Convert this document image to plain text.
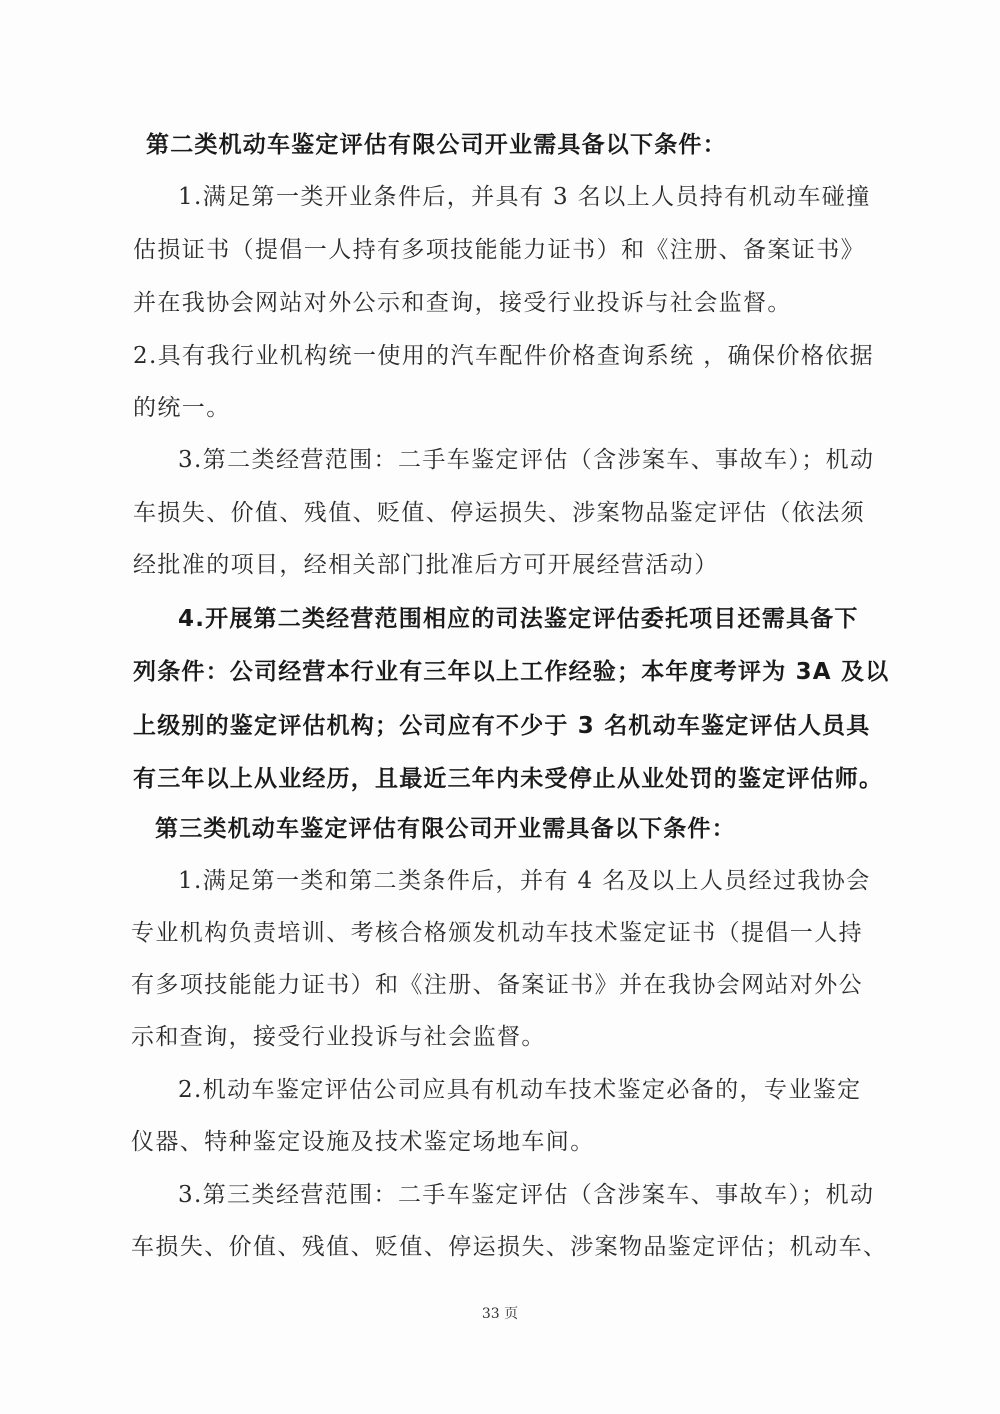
第二类机动车鉴定评估有限公司开业需具备以下条件：
1.满足第一类开业条件后，并具有 3 名以上人员持有机动车碰撞
估损证书（提倡一人持有多项技能能力证书）和《注册、备案证书》
并在我协会网站对外公示和查询，接受行业投诉与社会监督。
2.具有我行业机构统一使用的汽车配件价格查询系统 ，确保价格依据
的统一。
3.第二类经营范围：二手车鉴定评估（含涉案车、事故车）；机动
车损失、价值、残值、贬值、停运损失、涉案物品鉴定评估（依法须
经批准的项目，经相关部门批准后方可开展经营活动）
4.开展第二类经营范围相应的司法鉴定评估委托项目还需具备下
列条件：公司经营本行业有三年以上工作经验；本年度考评为 3A 及以
上级别的鉴定评估机构；公司应有不少于 3 名机动车鉴定评估人员具
有三年以上从业经历，且最近三年内未受停止从业处罚的鉴定评估师。
第三类机动车鉴定评估有限公司开业需具备以下条件：
1.满足第一类和第二类条件后，并有 4 名及以上人员经过我协会
专业机构负责培训、考核合格颁发机动车技术鉴定证书（提倡一人持
有多项技能能力证书）和《注册、备案证书》并在我协会网站对外公
示和查询，接受行业投诉与社会监督。
2.机动车鉴定评估公司应具有机动车技术鉴定必备的，专业鉴定
仪器、特种鉴定设施及技术鉴定场地车间。
3.第三类经营范围：二手车鉴定评估（含涉案车、事故车）；机动
车损失、价值、残值、贬值、停运损失、涉案物品鉴定评估；机动车、
33 页
